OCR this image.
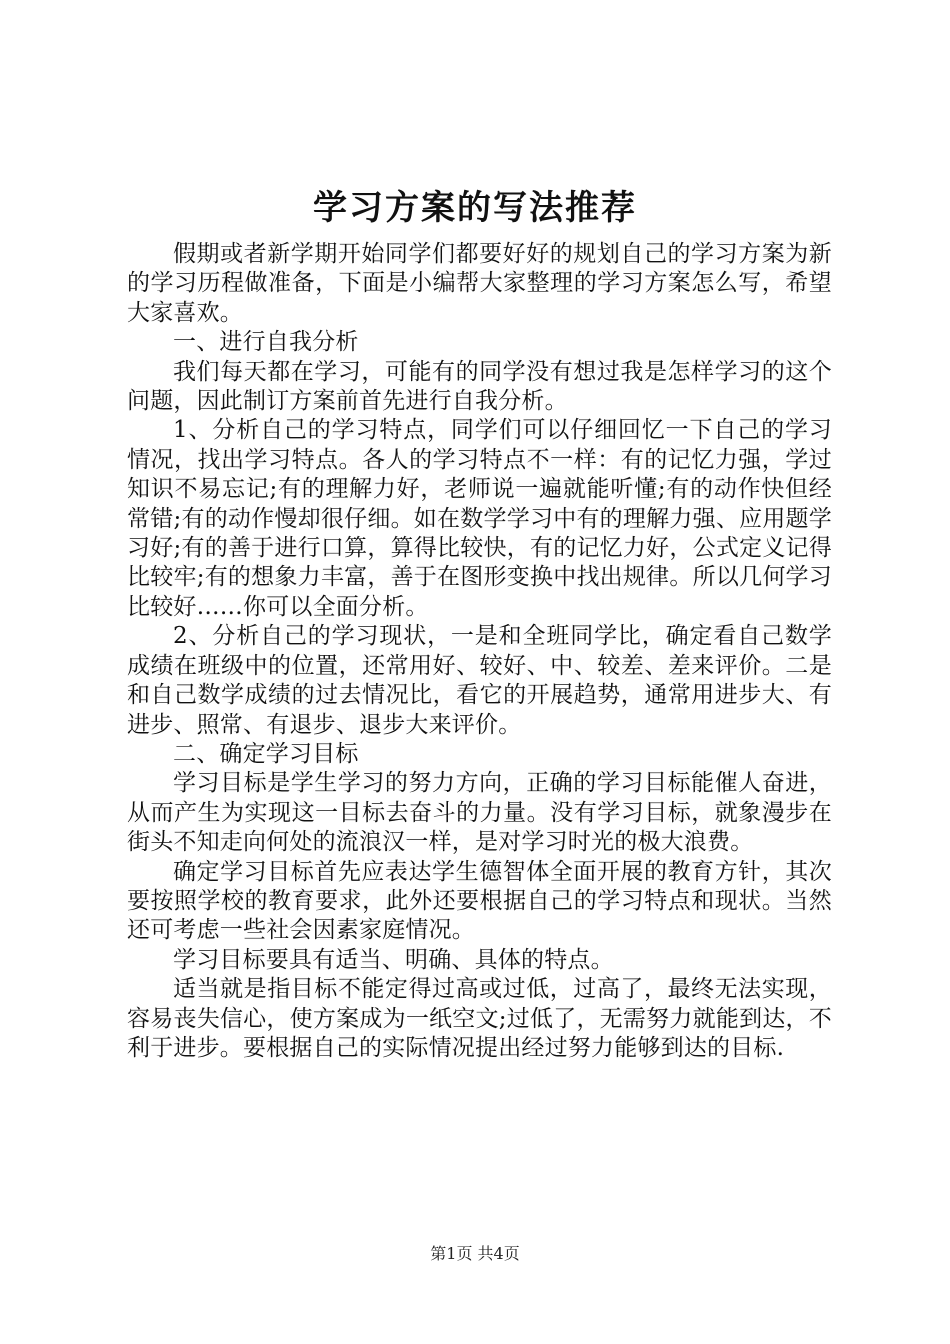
学习方案的写法推荐

假期或者新学期开始同学们都要好好的规划自己的学习方案为新的学习历程做准备，下面是小编帮大家整理的学习方案怎么写，希望大家喜欢。

一、进行自我分析

我们每天都在学习，可能有的同学没有想过我是怎样学习的这个问题，因此制订方案前首先进行自我分析。

1、分析自己的学习特点，同学们可以仔细回忆一下自己的学习情况，找出学习特点。各人的学习特点不一样：有的记忆力强，学过知识不易忘记;有的理解力好，老师说一遍就能听懂;有的动作快但经常错;有的动作慢却很仔细。如在数学学习中有的理解力强、应用题学习好;有的善于进行口算，算得比较快，有的记忆力好，公式定义记得比较牢;有的想象力丰富，善于在图形变换中找出规律。所以几何学习比较好……你可以全面分析。

2、分析自己的学习现状，一是和全班同学比，确定看自己数学成绩在班级中的位置，还常用好、较好、中、较差、差来评价。二是和自己数学成绩的过去情况比，看它的开展趋势，通常用进步大、有进步、照常、有退步、退步大来评价。

二、确定学习目标

学习目标是学生学习的努力方向，正确的学习目标能催人奋进，从而产生为实现这一目标去奋斗的力量。没有学习目标，就象漫步在街头不知走向何处的流浪汉一样，是对学习时光的极大浪费。

确定学习目标首先应表达学生德智体全面开展的教育方针，其次要按照学校的教育要求，此外还要根据自己的学习特点和现状。当然还可考虑一些社会因素家庭情况。

学习目标要具有适当、明确、具体的特点。

适当就是指目标不能定得过高或过低，过高了，最终无法实现，容易丧失信心，使方案成为一纸空文;过低了，无需努力就能到达，不利于进步。要根据自己的实际情况提出经过努力能够到达的目标.

第1页 共4页
